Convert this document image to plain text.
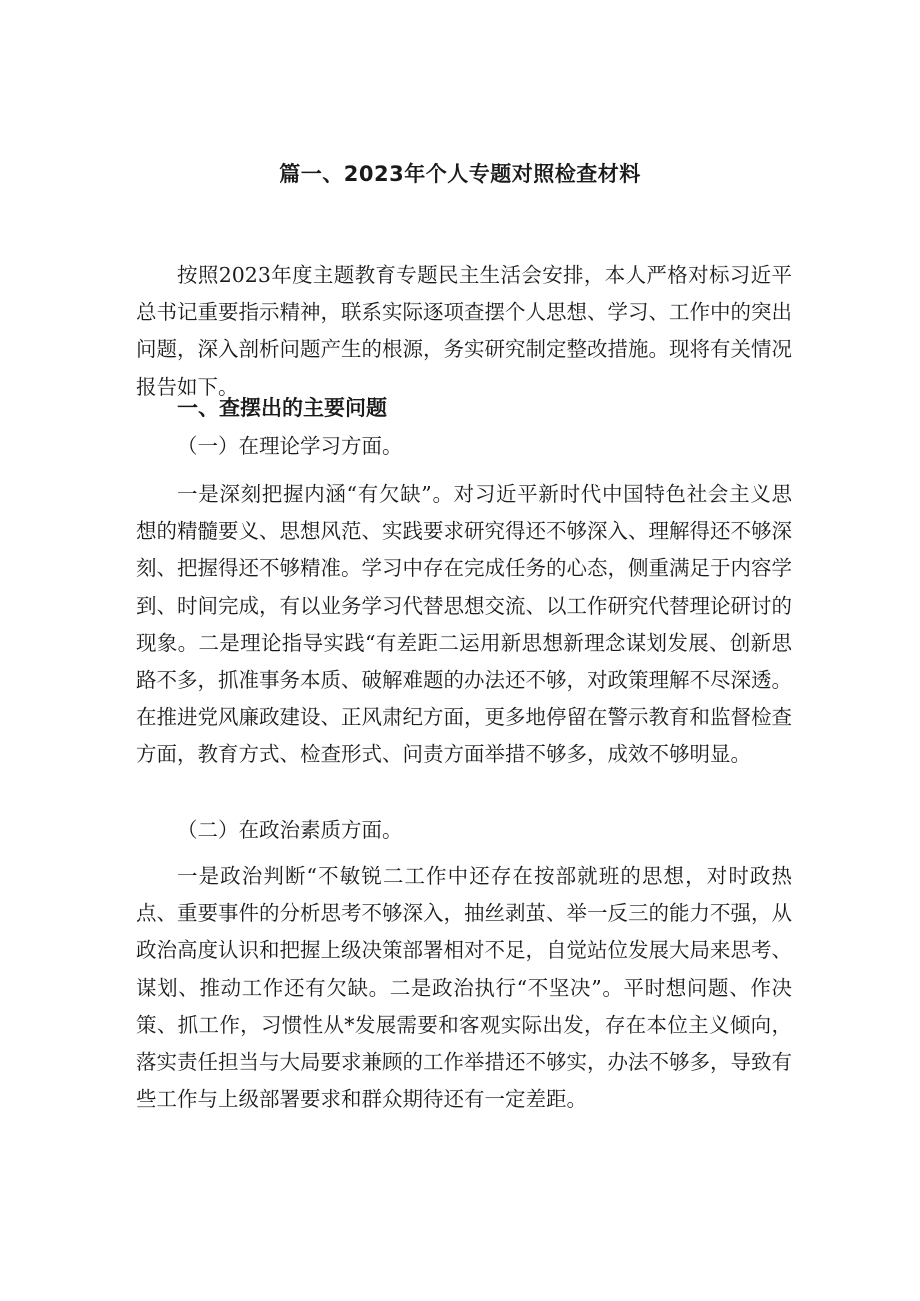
篇一、2023年个人专题对照检查材料

按照2023年度主题教育专题民主生活会安排，本人严格对标习近平总书记重要指示精神，联系实际逐项查摆个人思想、学习、工作中的突出问题，深入剖析问题产生的根源，务实研究制定整改措施。现将有关情况报告如下。

一、查摆出的主要问题

（一）在理论学习方面。

一是深刻把握内涵“有欠缺”。对习近平新时代中国特色社会主义思想的精髓要义、思想风范、实践要求研究得还不够深入、理解得还不够深刻、把握得还不够精准。学习中存在完成任务的心态，侧重满足于内容学到、时间完成，有以业务学习代替思想交流、以工作研究代替理论研讨的现象。二是理论指导实践“有差距二运用新思想新理念谋划发展、创新思路不多，抓准事务本质、破解难题的办法还不够，对政策理解不尽深透。在推进党风廉政建设、正风肃纪方面，更多地停留在警示教育和监督检查方面，教育方式、检查形式、问责方面举措不够多，成效不够明显。

（二）在政治素质方面。

一是政治判断“不敏锐二工作中还存在按部就班的思想，对时政热点、重要事件的分析思考不够深入，抽丝剥茧、举一反三的能力不强，从政治高度认识和把握上级决策部署相对不足，自觉站位发展大局来思考、谋划、推动工作还有欠缺。二是政治执行“不坚决”。平时想问题、作决策、抓工作，习惯性从*发展需要和客观实际出发，存在本位主义倾向，落实责任担当与大局要求兼顾的工作举措还不够实，办法不够多，导致有些工作与上级部署要求和群众期待还有一定差距。
